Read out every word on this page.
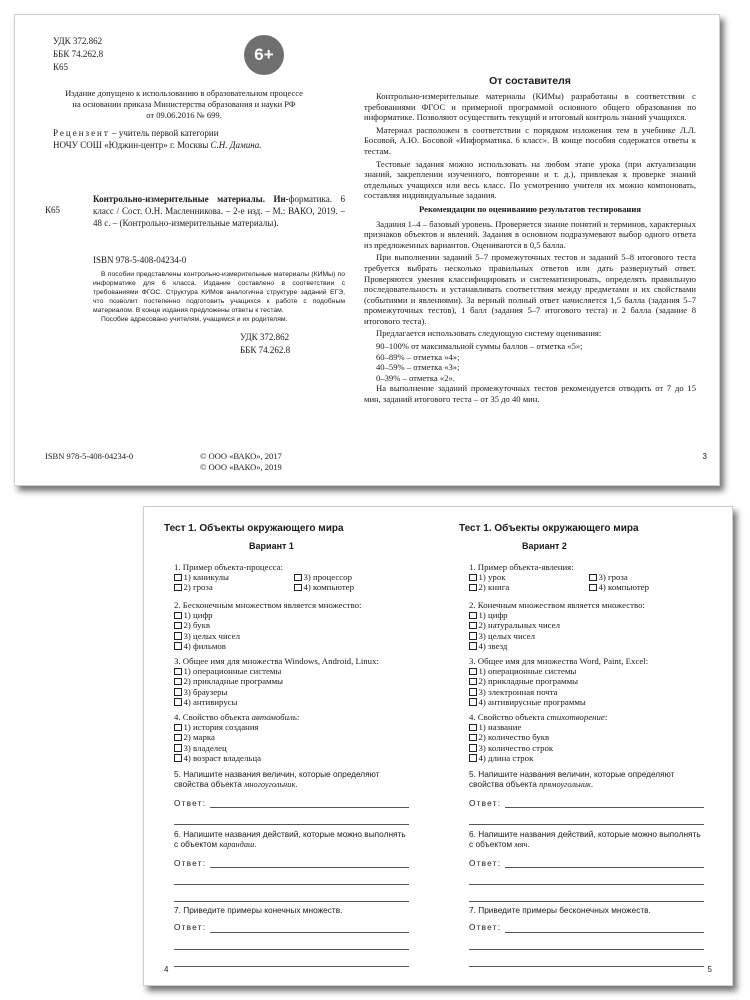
УДК 372.862
ББК 74.262.8
К65
6+
Издание допущено к использованию в образовательном процессе
на основании приказа Министерства образования и науки РФ
от 09.06.2016 № 699.
Рецензент – учитель первой категории
НОЧУ СОШ «Юджин-центр» г. Москвы С.Н. Дамина.
К65
Контрольно-измерительные материалы. Ин-форматика. 6 класс / Сост. О.Н. Масленникова. – 2-е изд. – М.: ВАКО, 2019. – 48 с. – (Контрольно-измерительные материалы).
ISBN 978-5-408-04234-0

В пособии представлены контрольно-измерительные материалы (КИМы) по информатике для 6 класса. Издание составлено в соответствии с требованиями ФГОС. Структура КИМов аналогична структуре заданий ЕГЭ, что позволит постепенно подготовить учащихся к работе с подобным материалом. В конце издания предложены ответы к тестам.

Пособие адресовано учителям, учащимся и их родителям.

УДК 372.862
ББК 74.262.8
ISBN 978-5-408-04234-0	© ООО «ВАКО», 2017
© ООО «ВАКО», 2019
От составителя

Контрольно-измерительные материалы (КИМы) разработаны в соответствии с требованиями ФГОС и примерной программой основного общего образования по информатике. Позволяют осуществить текущий и итоговый контроль знаний учащихся.

Материал расположен в соответствии с порядком изложения тем в учебнике Л.Л. Босовой, А.Ю. Босовой «Информатика. 6 класс». В конце пособия содержатся ответы к тестам.

Тестовые задания можно использовать на любом этапе урока (при актуализации знаний, закреплении изученного, повторении и т. д.), привлекая к проверке знаний отдельных учащихся или весь класс. По усмотрению учителя их можно компоновать, составляя индивидуальные задания.

Рекомендации по оцениванию результатов тестирования

Задания 1–4 – базовый уровень. Проверяется знание понятий и терминов, характерных признаков объектов и явлений. Задания в основном подразумевают выбор одного ответа из предложенных вариантов. Оцениваются в 0,5 балла.

При выполнении заданий 5–7 промежуточных тестов и заданий 5–8 итогового теста требуется выбрать несколько правильных ответов или дать развернутый ответ. Проверяются умения классифицировать и систематизировать, определять правильную последовательность и устанавливать соответствия между предметами и их свойствами (событиями и явлениями). За верный полный ответ начисляется 1,5 балла (задания 5–7 промежуточных тестов), 1 балл (задания 5–7 итогового теста) и 2 балла (задание 8 итогового теста).

Предлагается использовать следующую систему оценивания:

90–100% от максимальной суммы баллов – отметка «5»;

60–89% – отметка «4»;

40–59% – отметка «3»;

0–39% – отметка «2».

На выполнение заданий промежуточных тестов рекомендуется отводить от 7 до 15 мин, заданий итогового теста – от 35 до 40 мин.

3
Тест 1. Объекты окружающего мира
Вариант 1
1. Пример объекта-процесса:
1) каникулы	3) процессор
2) гроза	4) компьютер
2. Бесконечным множеством является множество:
1) цифр
2) букв
3) целых чисел
4) фильмов
3. Общее имя для множества Windows, Android, Linux:
1) операционные системы
2) прикладные программы
3) браузеры
4) антивирусы
4. Свойство объекта автомобиль:
1) история создания
2) марка
3) владелец
4) возраст владельца
5. Напишите названия величин, которые определяют свойства объекта многоугольник.
Ответ:
6. Напишите названия действий, которые можно выполнять с объектом карандаш.
Ответ:
7. Приведите примеры конечных множеств.
Ответ:
4
Тест 1. Объекты окружающего мира
Вариант 2
1. Пример объекта-явления:
1) урок	3) гроза
2) книга	4) компьютер
2. Конечным множеством является множество:
1) цифр
2) натуральных чисел
3) целых чисел
4) звезд
3. Общее имя для множества Word, Paint, Excel:
1) операционные системы
2) прикладные программы
3) электронная почта
4) антивирусные программы
4. Свойство объекта стихотворение:
1) название
2) количество букв
3) количество строк
4) длина строк
5. Напишите названия величин, которые определяют свойства объекта прямоугольник.
Ответ:
6. Напишите названия действий, которые можно выполнять с объектом мяч.
Ответ:
7. Приведите примеры бесконечных множеств.
Ответ:
5
